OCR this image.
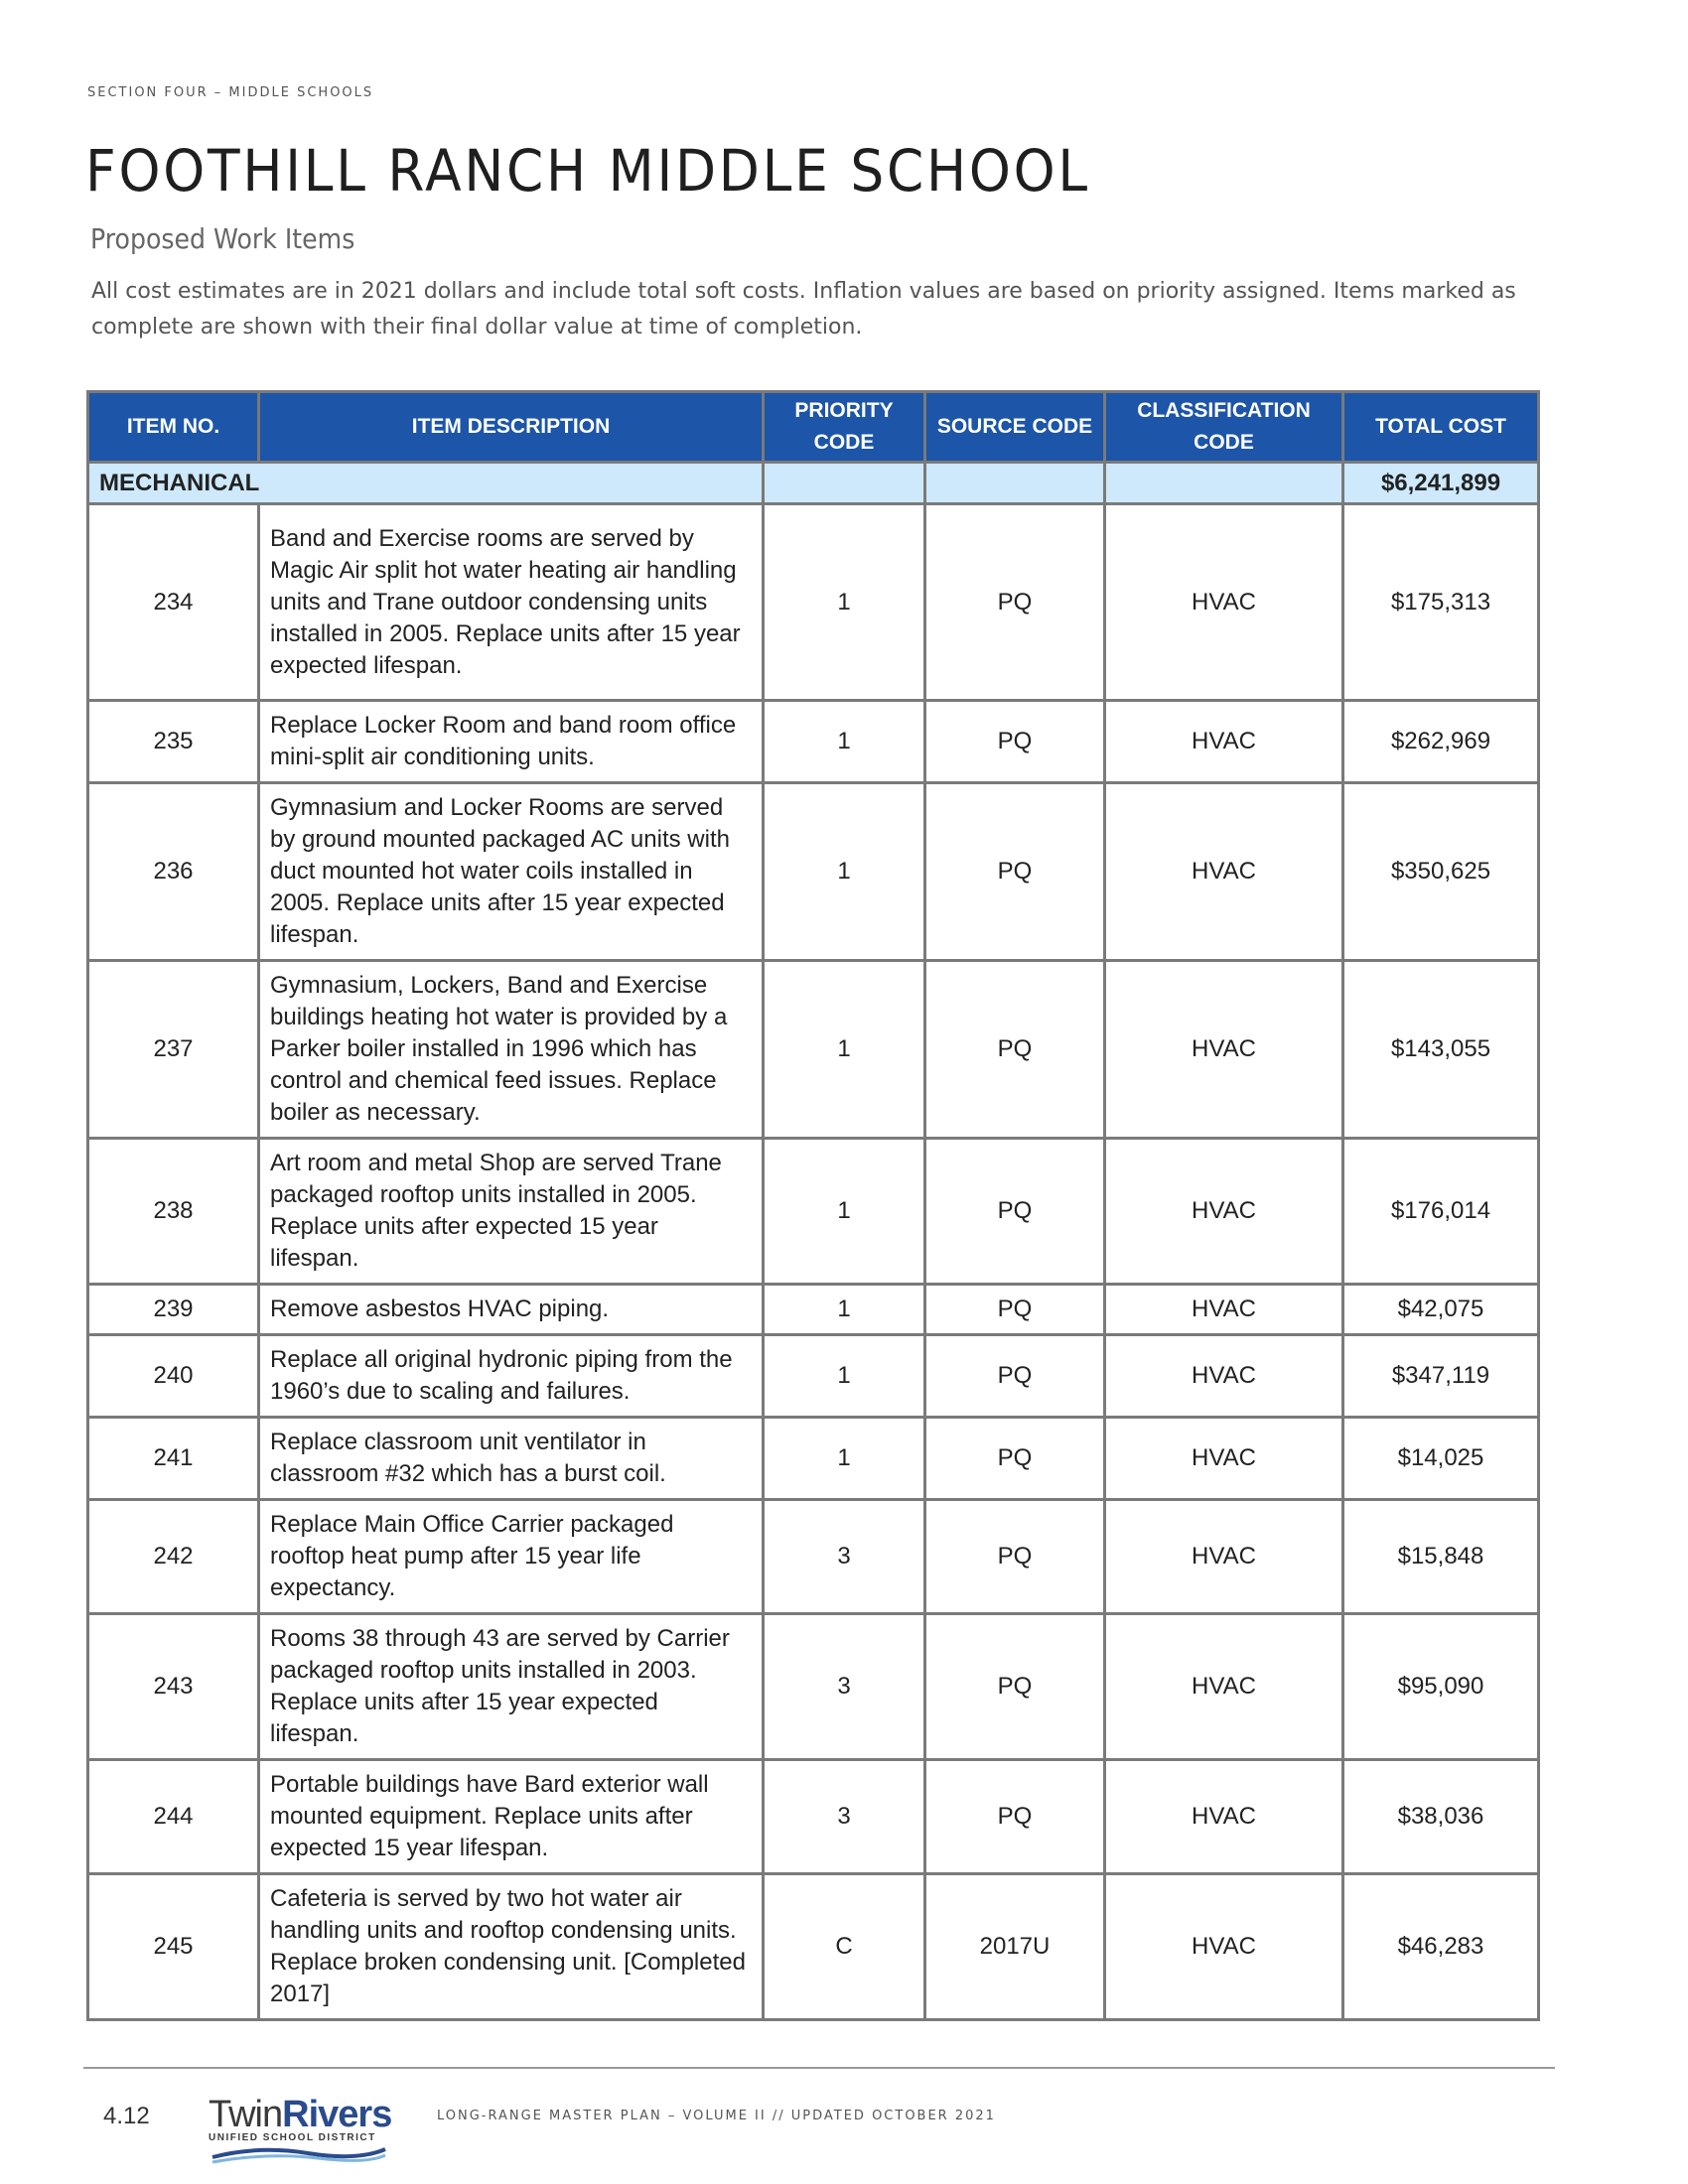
SECTION FOUR – MIDDLE SCHOOLS
FOOTHILL RANCH MIDDLE SCHOOL
Proposed Work Items
All cost estimates are in 2021 dollars and include total soft costs. Inflation values are based on priority assigned. Items marked as complete are shown with their final dollar value at time of completion.
ITEM NO.	ITEM DESCRIPTION	PRIORITY CODE	SOURCE CODE	CLASSIFICATION CODE	TOTAL COST
MECHANICAL					$6,241,899
234	Band and Exercise rooms are served by Magic Air split hot water heating air handling units and Trane outdoor condensing units installed in 2005. Replace units after 15 year expected lifespan.	1	PQ	HVAC	$175,313
235	Replace Locker Room and band room office mini-split air conditioning units.	1	PQ	HVAC	$262,969
236	Gymnasium and Locker Rooms are served by ground mounted packaged AC units with duct mounted hot water coils installed in 2005. Replace units after 15 year expected lifespan.	1	PQ	HVAC	$350,625
237	Gymnasium, Lockers, Band and Exercise buildings heating hot water is provided by a Parker boiler installed in 1996 which has control and chemical feed issues. Replace boiler as necessary.	1	PQ	HVAC	$143,055
238	Art room and metal Shop are served Trane packaged rooftop units installed in 2005. Replace units after expected 15 year lifespan.	1	PQ	HVAC	$176,014
239	Remove asbestos HVAC piping.	1	PQ	HVAC	$42,075
240	Replace all original hydronic piping from the 1960’s due to scaling and failures.	1	PQ	HVAC	$347,119
241	Replace classroom unit ventilator in classroom #32 which has a burst coil.	1	PQ	HVAC	$14,025
242	Replace Main Office Carrier packaged rooftop heat pump after 15 year life expectancy.	3	PQ	HVAC	$15,848
243	Rooms 38 through 43 are served by Carrier packaged rooftop units installed in 2003. Replace units after 15 year expected lifespan.	3	PQ	HVAC	$95,090
244	Portable buildings have Bard exterior wall mounted equipment. Replace units after expected 15 year lifespan.	3	PQ	HVAC	$38,036
245	Cafeteria is served by two hot water air handling units and rooftop condensing units. Replace broken condensing unit. [Completed 2017]	C	2017U	HVAC	$46,283
4.12 TwinRivers
UNIFIED SCHOOL DISTRICT
LONG-RANGE MASTER PLAN – VOLUME II // UPDATED OCTOBER 2021
